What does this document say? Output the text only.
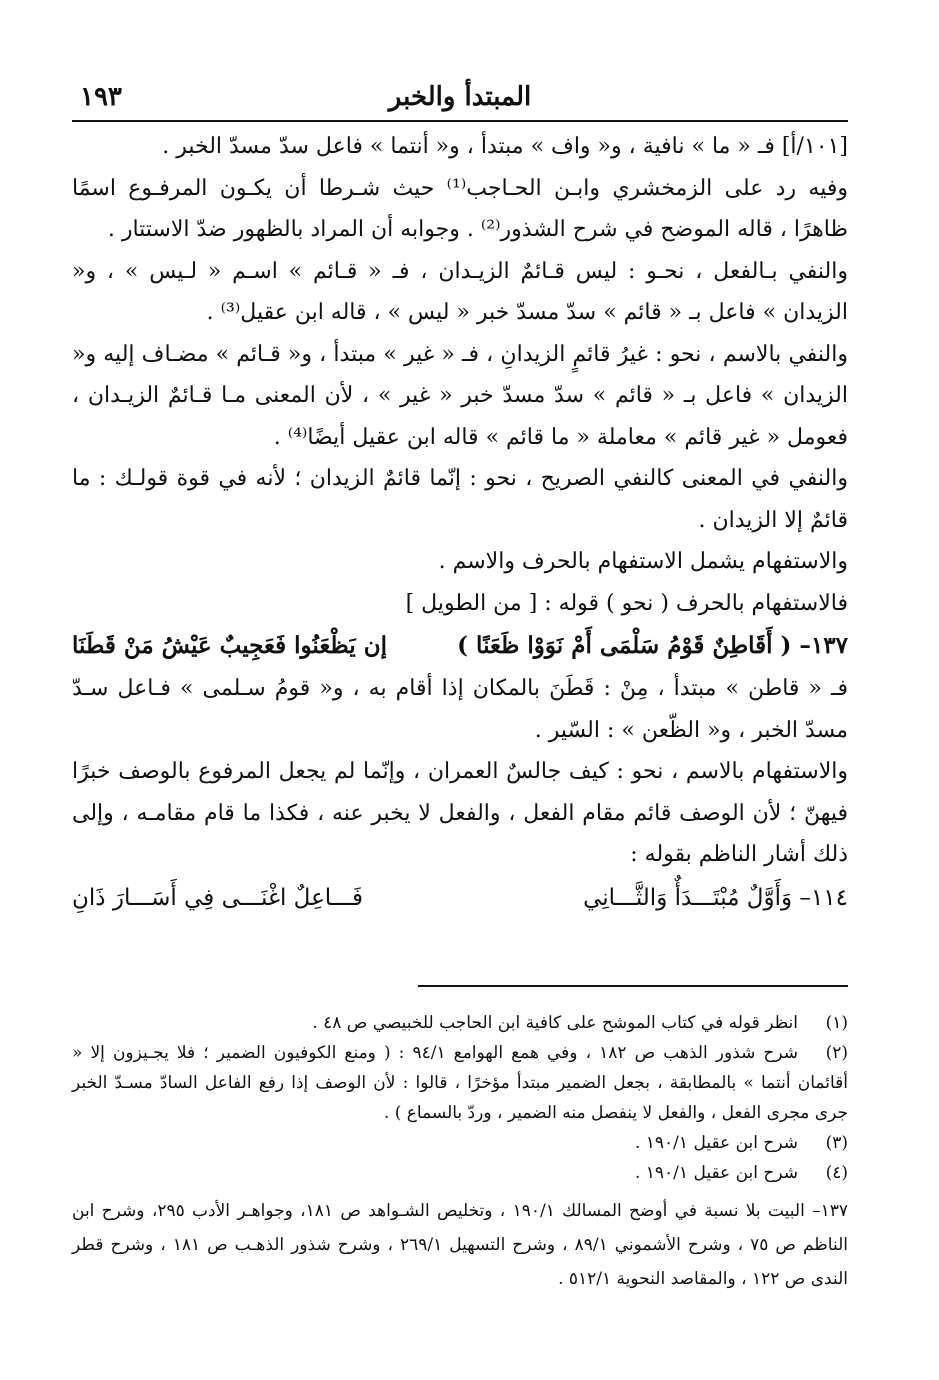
المبتدأ والخبر
١٩٣

[١٠١/أ] فـ « ما » نافية ، و« واف » مبتدأ ، و« أنتما » فاعل سدّ مسدّ الخبر .

وفيه رد على الزمخشري وابـن الحـاجب⁽¹⁾ حيث شـرطا أن يكـون المرفـوع اسمًا ظاهرًا ، قاله الموضح في شرح الشذور⁽²⁾ . وجوابه أن المراد بالظهور ضدّ الاستتار .

والنفي بـالفعل ، نحـو : ليس قـائمٌ الزيـدان ، فـ « قـائم » اسـم « لـيس » ، و« الزيدان » فاعل بـ « قائم » سدّ مسدّ خبر « ليس » ، قاله ابن عقيل⁽³⁾ .

والنفي بالاسم ، نحو : غيرُ قائمٍ الزيدانِ ، فـ « غير » مبتدأ ، و« قـائم » مضـاف إليه و« الزيدان » فاعل بـ « قائم » سدّ مسدّ خبر « غير » ، لأن المعنى مـا قـائمٌ الزيـدان ، فعومل « غير قائم » معاملة « ما قائم » قاله ابن عقيل أيضًا⁽⁴⁾ .

والنفي في المعنى كالنفي الصريح ، نحو : إنّما قائمٌ الزيدان ؛ لأنه في قوة قولـك : ما قائمٌ إلا الزيدان .

والاستفهام يشمل الاستفهام بالحرف والاسم .

فالاستفهام بالحرف ( نحو ) قوله : [ من الطويل ]

١٣٧– ( أَقَاطِنٌ قَوْمُ سَلْمَى أَمْ نَوَوْا ظَعَنًا )
إن يَظْعَنُوا فَعَجِيبٌ عَيْشُ مَنْ قَطَنَا

فـ « قاطن » مبتدأ ، مِنْ : قَطَنَ بالمكان إذا أقام به ، و« قومُ سـلمى » فـاعل سـدّ مسدّ الخبر ، و« الظّعن » : السّير .

والاستفهام بالاسم ، نحو : كيف جالسٌ العمران ، وإنّما لم يجعل المرفوع بالوصف خبرًا فيهنّ ؛ لأن الوصف قائم مقام الفعل ، والفعل لا يخبر عنه ، فكذا ما قام مقامـه ، وإلى ذلك أشار الناظم بقوله :

١١٤– وَأَوَّلٌ مُبْتَـــدَأٌ وَالثَّـــانِي
فَـــاعِلٌ اغْنَـــى فِي أَسَـــارَ ذَانِ

(١)انظر قوله في كتاب الموشح على كافية ابن الحاجب للخبيصي ص ٤٨ .

(٢)شرح شذور الذهب ص ١٨٢ ، وفي همع الهوامع ٩٤/١ : ( ومنع الكوفيون الضمير ؛ فلا يجـيزون إلا « أقائمان أنتما » بالمطابقة ، بجعل الضمير مبتدأ مؤخرًا ، قالوا : لأن الوصف إذا رفع الفاعل السادّ مسـدّ الخبر جرى مجرى الفعل ، والفعل لا ينفصل منه الضمير ، وردّ بالسماع ) .

(٣)شرح ابن عقيل ١٩٠/١ .

(٤)شرح ابن عقيل ١٩٠/١ .

١٣٧– البيت بلا نسبة في أوضح المسالك ١٩٠/١ ، وتخليص الشـواهد ص ١٨١، وجواهـر الأدب ٢٩٥، وشرح ابن الناظم ص ٧٥ ، وشرح الأشموني ٨٩/١ ، وشرح التسهيل ٢٦٩/١ ، وشرح شذور الذهـب ص ١٨١ ، وشرح قطر الندى ص ١٢٢ ، والمقاصد النحوية ٥١٢/١ .
